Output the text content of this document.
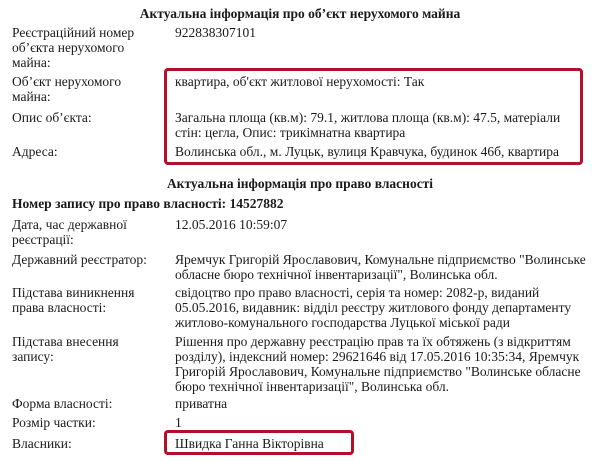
Актуальна інформація про об’єкт нерухомого майна
Реєстраційний номер об’єкта нерухомого майна:
922838307101
Об’єкт нерухомого майна:
квартира, об'єкт житлової нерухомості: Так
Опис об’єкта:	Загальна площа (кв.м): 79.1, житлова площа (кв.м): 47.5, матеріали стін: цегла, Опис: трикімнатна квартира
Адреса:	Волинська обл., м. Луцьк, вулиця Кравчука, будинок 46б, квартира
Актуальна інформація про право власності
Номер запису про право власності: 14527882
Дата, час державної реєстрації:
12.05.2016 10:59:07
Державний реєстратор:	Яремчук Григорій Ярославович, Комунальне підприємство "Волинське обласне бюро технічної інвентаризації", Волинська обл.
Підстава виникнення права власності:
свідоцтво про право власності, серія та номер: 2082-р, виданий 05.05.2016, видавник: відділ реєстру житлового фонду департаменту житлово-комунального господарства Луцької міської ради
Підстава внесення запису:
Рішення про державну реєстрацію прав та їх обтяжень (з відкриттям розділу), індексний номер: 29621646 від 17.05.2016 10:35:34, Яремчук Григорій Ярославович, Комунальне підприємство "Волинське обласне бюро технічної інвентаризації", Волинська обл.
Форма власності:	приватна
Розмір частки:	1
Власники:	Швидка Ганна Вікторівна
